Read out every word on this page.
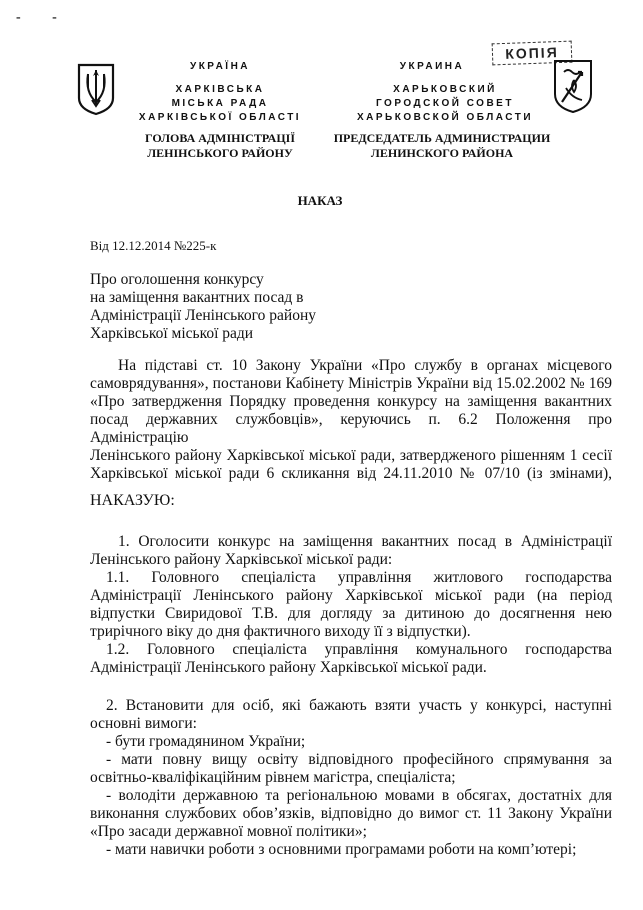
‑ ‑
УКРАЇНА
ХАРКІВСЬКА
МІСЬКА РАДА
ХАРКІВСЬКОЇ ОБЛАСТІ
ГОЛОВА АДМІНІСТРАЦІЇ
ЛЕНІНСЬКОГО РАЙОНУ
УКРАИНА
ХАРЬКОВСКИЙ
ГОРОДСКОЙ СОВЕТ
ХАРЬКОВСКОЙ ОБЛАСТИ
ПРЕДСЕДАТЕЛЬ АДМИНИСТРАЦИИ
ЛЕНИНСКОГО РАЙОНА
КОПІЯ
НАКАЗ
Від 12.12.2014 №225-к
Про оголошення конкурсу
на заміщення вакантних посад в
Адміністрації Ленінського району
Харківської міської ради
На підставі ст. 10 Закону України «Про службу в органах місцевого
самоврядування», постанови Кабінету Міністрів України від 15.02.2002 № 169
«Про затвердження Порядку проведення конкурсу на заміщення вакантних
посад державних службовців», керуючись п. 6.2 Положення про Адміністрацію
Ленінського району Харківської міської ради, затвердженого рішенням 1 сесії
Харківської міської ради 6 скликання від 24.11.2010 № 07/10 (із змінами),
НАКАЗУЮ:
1. Оголосити конкурс на заміщення вакантних посад в Адміністрації
Ленінського району Харківської міської ради:
1.1. Головного спеціаліста управління житлового господарства
Адміністрації Ленінського району Харківської міської ради (на період
відпустки Свиридової Т.В. для догляду за дитиною до досягнення нею
трирічного віку до дня фактичного виходу її з відпустки).
1.2. Головного спеціаліста управління комунального господарства
Адміністрації Ленінського району Харківської міської ради.
2. Встановити для осіб, які бажають взяти участь у конкурсі, наступні
основні вимоги:
- бути громадянином України;
- мати повну вищу освіту відповідного професійного спрямування за
освітньо-кваліфікаційним рівнем магістра, спеціаліста;
- володіти державною та регіональною мовами в обсягах, достатніх для
виконання службових обов’язків, відповідно до вимог ст. 11 Закону України
«Про засади державної мовної політики»;
- мати навички роботи з основними програмами роботи на комп’ютері;
